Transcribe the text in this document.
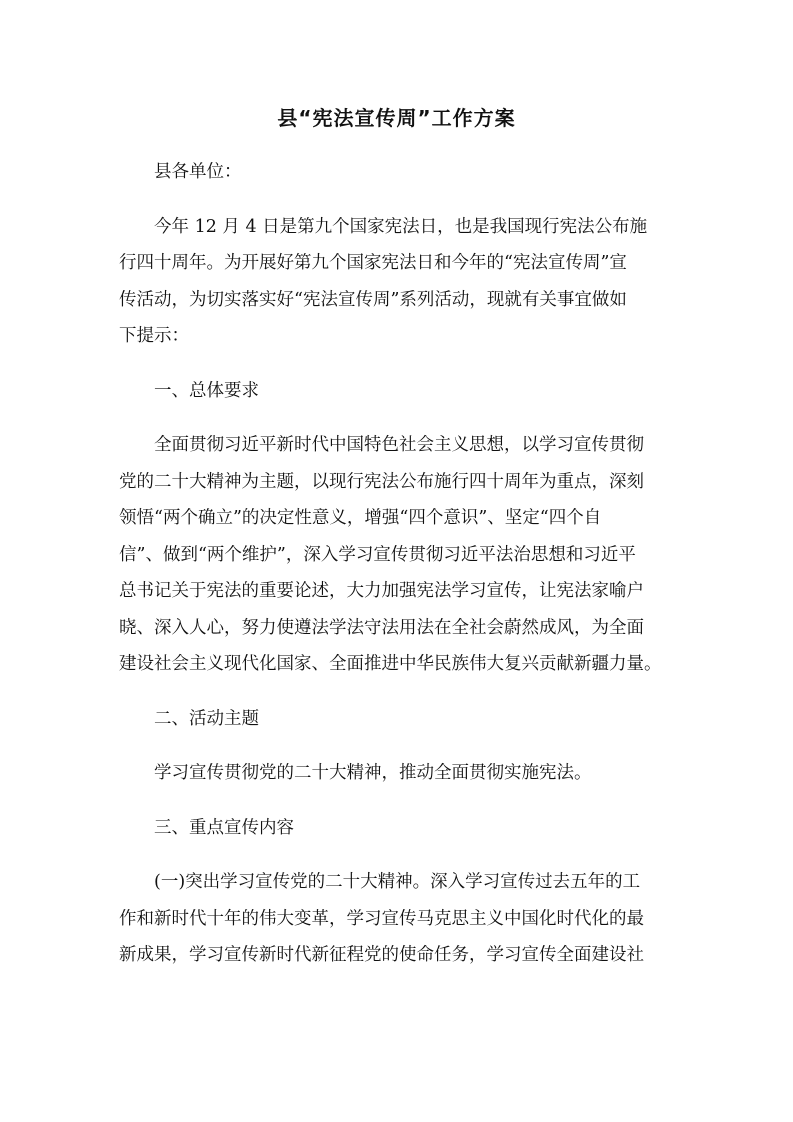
县“宪法宣传周”工作方案
县各单位：
今年 12 月 4 日是第九个国家宪法日，也是我国现行宪法公布施
行四十周年。为开展好第九个国家宪法日和今年的“宪法宣传周”宣
传活动，为切实落实好“宪法宣传周”系列活动，现就有关事宜做如
下提示：
一、总体要求
全面贯彻习近平新时代中国特色社会主义思想，以学习宣传贯彻
党的二十大精神为主题，以现行宪法公布施行四十周年为重点，深刻
领悟“两个确立”的决定性意义，增强“四个意识”、坚定“四个自
信”、做到“两个维护”，深入学习宣传贯彻习近平法治思想和习近平
总书记关于宪法的重要论述，大力加强宪法学习宣传，让宪法家喻户
晓、深入人心，努力使遵法学法守法用法在全社会蔚然成风，为全面
建设社会主义现代化国家、全面推进中华民族伟大复兴贡献新疆力量。
二、活动主题
学习宣传贯彻党的二十大精神，推动全面贯彻实施宪法。
三、重点宣传内容
(一)突出学习宣传党的二十大精神。深入学习宣传过去五年的工
作和新时代十年的伟大变革，学习宣传马克思主义中国化时代化的最
新成果，学习宣传新时代新征程党的使命任务，学习宣传全面建设社
